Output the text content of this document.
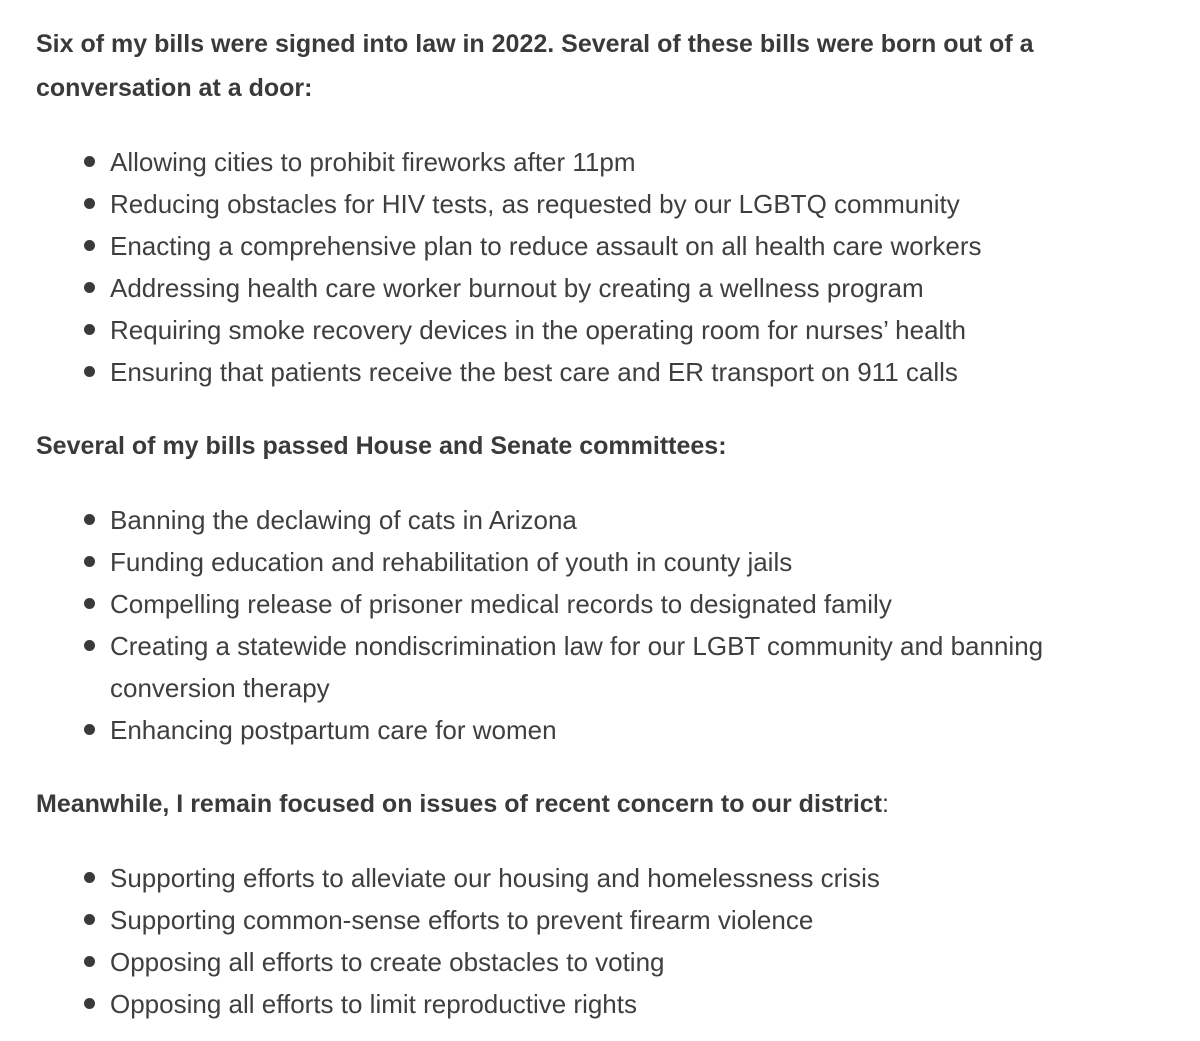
Six of my bills were signed into law in 2022. Several of these bills were born out of a conversation at a door:

Allowing cities to prohibit fireworks after 11pm
Reducing obstacles for HIV tests, as requested by our LGBTQ community
Enacting a comprehensive plan to reduce assault on all health care workers
Addressing health care worker burnout by creating a wellness program
Requiring smoke recovery devices in the operating room for nurses’ health
Ensuring that patients receive the best care and ER transport on 911 calls

Several of my bills passed House and Senate committees:

Banning the declawing of cats in Arizona
Funding education and rehabilitation of youth in county jails
Compelling release of prisoner medical records to designated family
Creating a statewide nondiscrimination law for our LGBT community and banning conversion therapy
Enhancing postpartum care for women

Meanwhile, I remain focused on issues of recent concern to our district:

Supporting efforts to alleviate our housing and homelessness crisis
Supporting common-sense efforts to prevent firearm violence
Opposing all efforts to create obstacles to voting
Opposing all efforts to limit reproductive rights
